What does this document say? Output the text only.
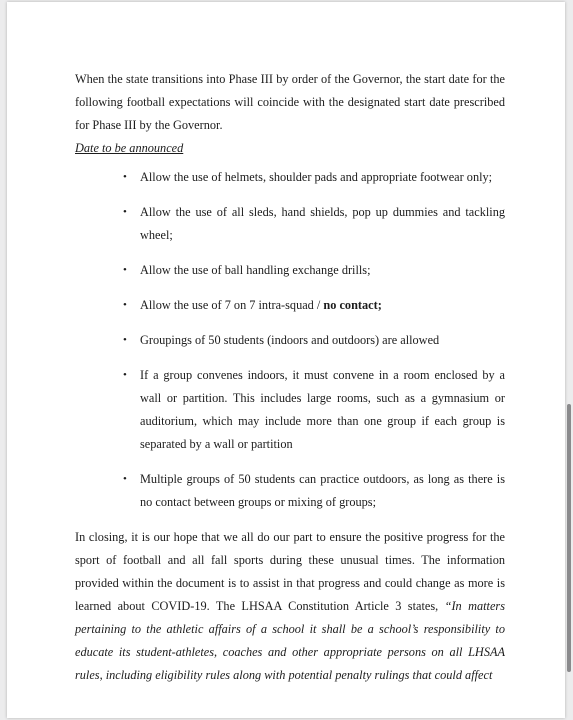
When the state transitions into Phase III by order of the Governor, the start date for the following football expectations will coincide with the designated start date prescribed for Phase III by the Governor.

Date to be announced

• Allow the use of helmets, shoulder pads and appropriate footwear only;
• Allow the use of all sleds, hand shields, pop up dummies and tackling wheel;
• Allow the use of ball handling exchange drills;
• Allow the use of 7 on 7 intra-squad / no contact;
• Groupings of 50 students (indoors and outdoors) are allowed
• If a group convenes indoors, it must convene in a room enclosed by a wall or partition. This includes large rooms, such as a gymnasium or auditorium, which may include more than one group if each group is separated by a wall or partition
• Multiple groups of 50 students can practice outdoors, as long as there is no contact between groups or mixing of groups;

In closing, it is our hope that we all do our part to ensure the positive progress for the sport of football and all fall sports during these unusual times. The information provided within the document is to assist in that progress and could change as more is learned about COVID-19. The LHSAA Constitution Article 3 states, “In matters pertaining to the athletic affairs of a school it shall be a school’s responsibility to educate its student-athletes, coaches and other appropriate persons on all LHSAA rules, including eligibility rules along with potential penalty rulings that could affect
